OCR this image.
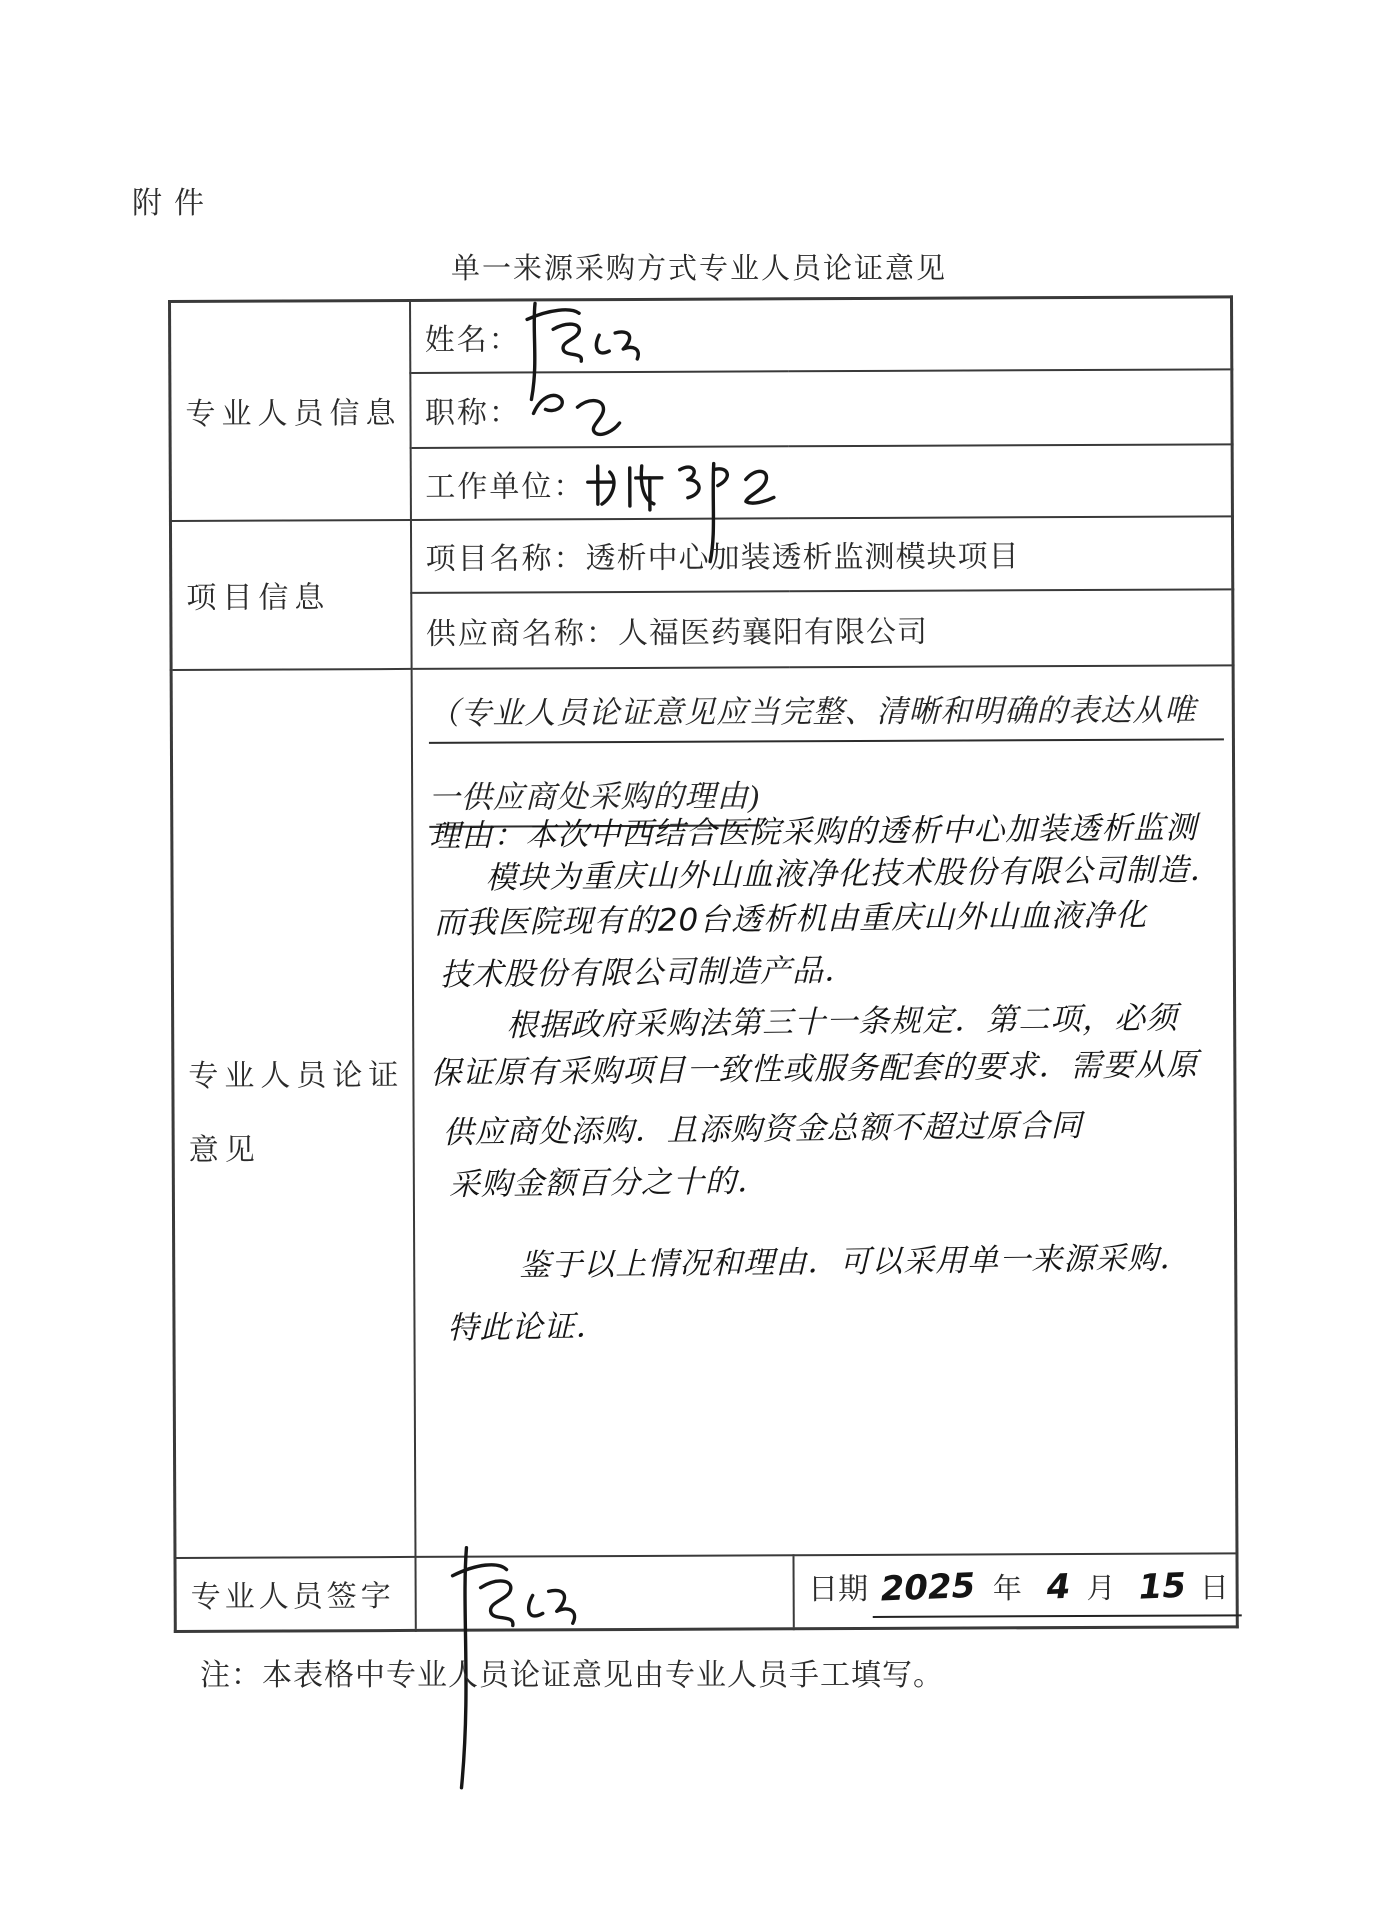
附件
单一来源采购方式专业人员论证意见
专业人员信息	姓名：	

	职称：	

	工作单位：	

项目信息	项目名称：透析中心加装透析监测模块项目	
	供应商名称：人福医药襄阳有限公司	

专业人员论证
意见

（专业人员论证意见应当完整、清晰和明确的表达从唯
一供应商处采购的理由)
理由：本次中西结合医院采购的透析中心加装透析监测
模块为重庆山外山血液净化技术股份有限公司制造．
而我医院现有的20台透析机由重庆山外山血液净化
技术股份有限公司制造产品．
根据政府采购法第三十一条规定．第二项，必须
保证原有采购项目一致性或服务配套的要求．需要从原
供应商处添购．且添购资金总额不超过原合同
采购金额百分之十的．
鉴于以上情况和理由．可以采用单一来源采购．
特此论证．

专业人员签字		日期 2025 年 4 月 15 日
注：本表格中专业人员论证意见由专业人员手工填写。
